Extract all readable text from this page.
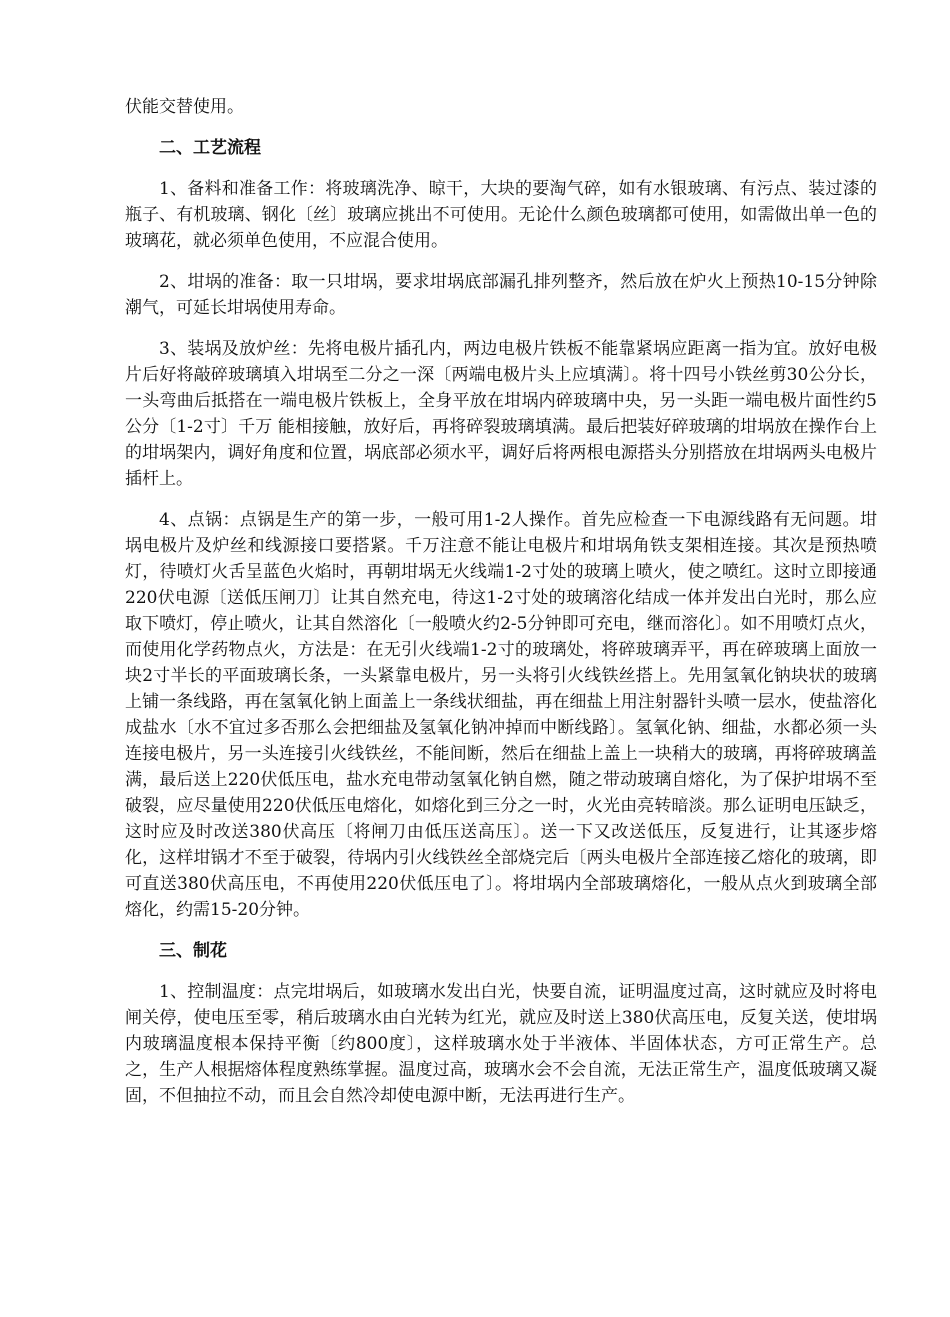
伏能交替使用。

二、工艺流程

1、备料和准备工作：将玻璃洗净、晾干，大块的要淘气碎，如有水银玻璃、有污点、装过漆的瓶子、有机玻璃、钢化〔丝〕玻璃应挑出不可使用。无论什么颜色玻璃都可使用，如需做出单一色的玻璃花，就必须单色使用，不应混合使用。

2、坩埚的准备：取一只坩埚，要求坩埚底部漏孔排列整齐，然后放在炉火上预热10-15分钟除潮气，可延长坩埚使用寿命。

3、装埚及放炉丝：先将电极片插孔内，两边电极片铁板不能靠紧埚应距离一指为宜。放好电极片后好将敲碎玻璃填入坩埚至二分之一深〔两端电极片头上应填满〕。将十四号小铁丝剪30公分长，一头弯曲后抵搭在一端电极片铁板上，全身平放在坩埚内碎玻璃中央，另一头距一端电极片面性约5公分〔1-2寸〕千万 能相接触，放好后，再将碎裂玻璃填满。最后把装好碎玻璃的坩埚放在操作台上的坩埚架内，调好角度和位置，埚底部必须水平，调好后将两根电源搭头分别搭放在坩埚两头电极片插杆上。

4、点锅：点锅是生产的第一步，一般可用1-2人操作。首先应检查一下电源线路有无问题。坩埚电极片及炉丝和线源接口要搭紧。千万注意不能让电极片和坩埚角铁支架相连接。其次是预热喷灯，待喷灯火舌呈蓝色火焰时，再朝坩埚无火线端1-2寸处的玻璃上喷火，使之喷红。这时立即接通220伏电源〔送低压闸刀〕让其自然充电，待这1-2寸处的玻璃溶化结成一体并发出白光时，那么应取下喷灯，停止喷火，让其自然溶化〔一般喷火约2-5分钟即可充电，继而溶化〕。如不用喷灯点火，而使用化学药物点火，方法是：在无引火线端1-2寸的玻璃处，将碎玻璃弄平，再在碎玻璃上面放一块2寸半长的平面玻璃长条，一头紧靠电极片，另一头将引火线铁丝搭上。先用氢氧化钠块状的玻璃上铺一条线路，再在氢氧化钠上面盖上一条线状细盐，再在细盐上用注射器针头喷一层水，使盐溶化成盐水〔水不宜过多否那么会把细盐及氢氧化钠冲掉而中断线路〕。氢氧化钠、细盐，水都必须一头连接电极片，另一头连接引火线铁丝，不能间断，然后在细盐上盖上一块稍大的玻璃，再将碎玻璃盖满，最后送上220伏低压电，盐水充电带动氢氧化钠自燃，随之带动玻璃自熔化，为了保护坩埚不至破裂，应尽量使用220伏低压电熔化，如熔化到三分之一时，火光由亮转暗淡。那么证明电压缺乏，这时应及时改送380伏高压〔将闸刀由低压送高压〕。送一下又改送低压，反复进行，让其逐步熔化，这样坩锅才不至于破裂，待埚内引火线铁丝全部烧完后〔两头电极片全部连接乙熔化的玻璃，即可直送380伏高压电，不再使用220伏低压电了〕。将坩埚内全部玻璃熔化，一般从点火到玻璃全部熔化，约需15-20分钟。

三、制花

1、控制温度：点完坩埚后，如玻璃水发出白光，快要自流，证明温度过高，这时就应及时将电闸关停，使电压至零，稍后玻璃水由白光转为红光，就应及时送上380伏高压电，反复关送，使坩埚内玻璃温度根本保持平衡〔约800度〕，这样玻璃水处于半液体、半固体状态，方可正常生产。总之，生产人根据熔体程度熟练掌握。温度过高，玻璃水会不会自流，无法正常生产，温度低玻璃又凝固，不但抽拉不动，而且会自然冷却使电源中断，无法再进行生产。
